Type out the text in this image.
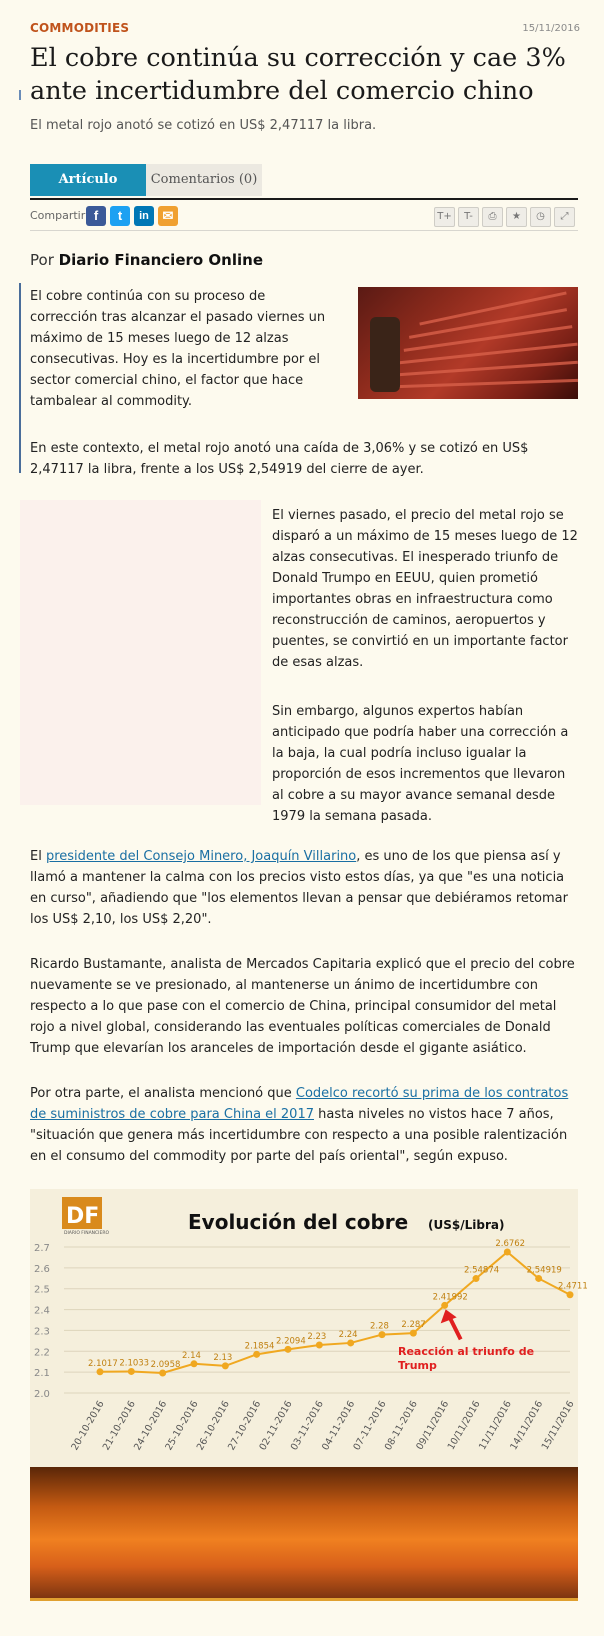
COMMODITIES	15/11/2016
El cobre continúa su corrección y cae 3% ante incertidumbre del comercio chino
El metal rojo anotó se cotizó en US$ 2,47117 la libra.
Artículo	Comentarios (0)
Compartir f	t	in	✉	T+	T-	⎙	★	◷	⤢
Por Diario Financiero Online

El cobre continúa con su proceso de corrección tras alcanzar el pasado viernes un máximo de 15 meses luego de 12 alzas consecutivas. Hoy es la incertidumbre por el sector comercial chino, el factor que hace tambalear al commodity.

En este contexto, el metal rojo anotó una caída de 3,06% y se cotizó en US$ 2,47117 la libra, frente a los US$ 2,54919 del cierre de ayer.

El viernes pasado, el precio del metal rojo se disparó a un máximo de 15 meses luego de 12 alzas consecutivas. El inesperado triunfo de Donald Trumpo en EEUU, quien prometió importantes obras en infraestructura como reconstrucción de caminos, aeropuertos y puentes, se convirtió en un importante factor de esas alzas.

Sin embargo, algunos expertos habían anticipado que podría haber una corrección a la baja, la cual podría incluso igualar la proporción de esos incrementos que llevaron al cobre a su mayor avance semanal desde 1979 la semana pasada.

El presidente del Consejo Minero, Joaquín Villarino, es uno de los que piensa así y llamó a mantener la calma con los precios visto estos días, ya que "es una noticia en curso", añadiendo que "los elementos llevan a pensar que debiéramos retomar los US$ 2,10, los US$ 2,20".

Ricardo Bustamante, analista de Mercados Capitaria explicó que el precio del cobre nuevamente se ve presionado, al mantenerse un ánimo de incertidumbre con respecto a lo que pase con el comercio de China, principal consumidor del metal rojo a nivel global, considerando las eventuales políticas comerciales de Donald Trump que elevarían los aranceles de importación desde el gigante asiático.

Por otra parte, el analista mencionó que Codelco recortó su prima de los contratos de suministros de cobre para China el 2017 hasta niveles no vistos hace 7 años, "situación que genera más incertidumbre con respecto a una posible ralentización en el consumo del commodity por parte del país oriental", según expuso.

2.0
2.1
2.2
2.3
2.4
2.5
2.6
2.7
DF
DIARIO FINANCIERO	Evolución del cobre (US$/Libra)
2.1017 2.1033 2.0958
2.14 2.13
2.1854
2.2094 2.23 2.24
2.28 2.287
2.41992
2.54874
2.6762
2.54919
2.4711
20-10-2016
21-10-2016
24-10-2016
25-10-2016
26-10-2016
27-10-2016
02-11-2016
03-11-2016
04-11-2016
07-11-2016
08-11-2016
09/11/2016
10/11/2016
11/11/2016
14/11/2016
15/11/2016
Reacción al triunfo de
Trump
